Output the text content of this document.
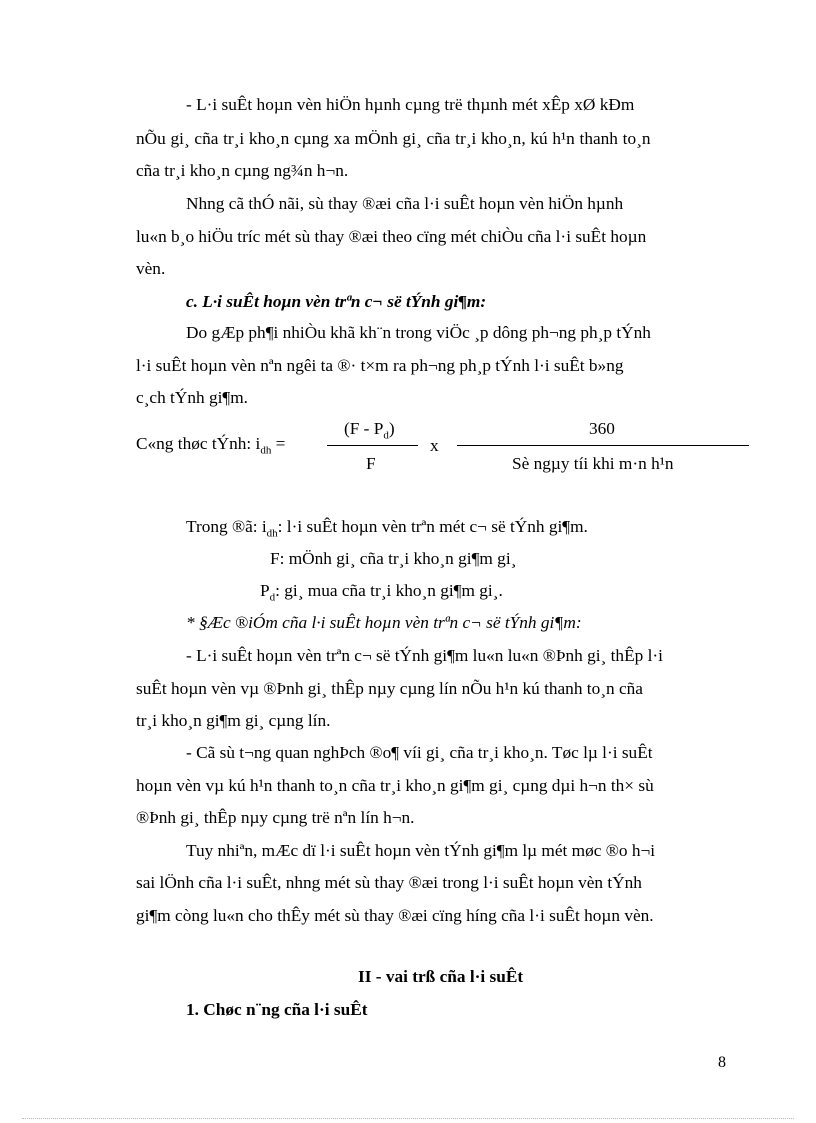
- L·i suÊt hoµn vèn hiÖn hµnh cµng trë thµnh mét xÊp xØ kÐm
nÕu gi¸ cña tr¸i kho¸n cµng xa mÖnh gi¸ cña tr¸i kho¸n, kú h¹n thanh to¸n
cña tr¸i kho¸n cµng ng¾n h¬n.
Nhng cã thÓ nãi, sù thay ®æi cña l·i suÊt hoµn vèn hiÖn hµnh
lu«n b¸o hiÖu tríc mét sù thay ®æi theo cïng mét chiÒu cña l·i suÊt hoµn
vèn.
c. L·i suÊt hoµn vèn trªn c¬ së tÝnh gi¶m:
Do gÆp ph¶i nhiÒu khã kh¨n trong viÖc ¸p dông ph¬ng ph¸p tÝnh
l·i suÊt hoµn vèn nªn ngêi ta ®· t×m ra ph¬ng ph¸p tÝnh l·i suÊt b»ng
c¸ch tÝnh gi¶m.
C«ng thøc tÝnh: $i_{dh}$ =
$(F - P_d)$
F
x
360
Sè ngµy tíi khi m·n h¹n
Trong ®ã: $i_{dh}$: l·i suÊt hoµn vèn trªn mét c¬ së tÝnh gi¶m.
F: mÖnh gi¸ cña tr¸i kho¸n gi¶m gi¸
$P_d$: gi¸ mua cña tr¸i kho¸n gi¶m gi¸.
* §Æc ®iÓm cña l·i suÊt hoµn vèn trªn c¬ së tÝnh gi¶m:
- L·i suÊt hoµn vèn trªn c¬ së tÝnh gi¶m lu«n lu«n ®Þnh gi¸ thÊp l·i
suÊt hoµn vèn vµ ®Þnh gi¸ thÊp nµy cµng lín nÕu h¹n kú thanh to¸n cña
tr¸i kho¸n gi¶m gi¸ cµng lín.
- Cã sù t¬ng quan nghÞch ®o¶ víi gi¸ cña tr¸i kho¸n. Tøc lµ l·i suÊt
hoµn vèn vµ kú h¹n thanh to¸n cña tr¸i kho¸n gi¶m gi¸ cµng dµi h¬n th× sù
®Þnh gi¸ thÊp nµy cµng trë nªn lín h¬n.
Tuy nhiªn, mÆc dï l·i suÊt hoµn vèn tÝnh gi¶m lµ mét møc ®o h¬i
sai lÖnh cña l·i suÊt, nhng mét sù thay ®æi trong l·i suÊt hoµn vèn tÝnh
gi¶m còng lu«n cho thÊy mét sù thay ®æi cïng híng cña l·i suÊt hoµn vèn.
II - vai trß cña l·i suÊt
1. Chøc n¨ng cña l·i suÊt
8
